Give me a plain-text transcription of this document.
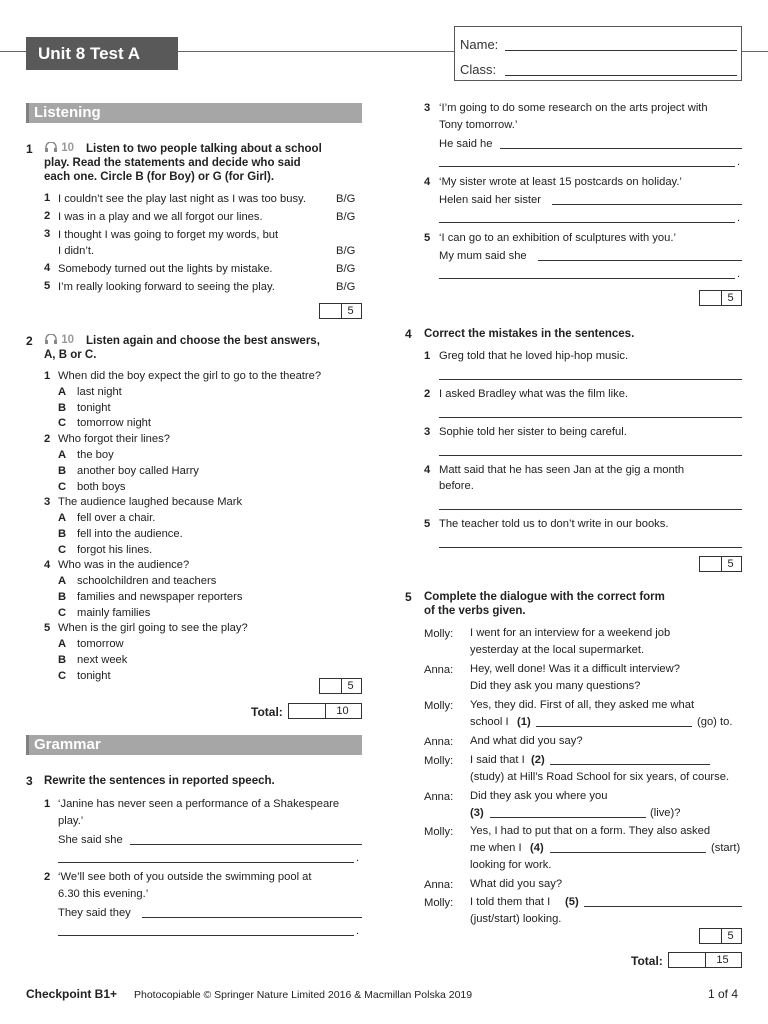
Unit 8 Test A	Name:
Class:
Listening
1	10 Listen to two people talking about a school
play. Read the statements and decide who said
each one. Circle B (for Boy) or G (for Girl).
1 I couldn’t see the play last night as I was too busy.	B/G
2 I was in a play and we all forgot our lines.	B/G
3 I thought I was going to forget my words, but
I didn’t.	B/G
4 Somebody turned out the lights by mistake.	B/G
5 I’m really looking forward to seeing the play.	B/G
5
2	10 Listen again and choose the best answers,
A, B or C.
1 When did the boy expect the girl to go to the theatre?
A last night
B tonight
C tomorrow night
2 Who forgot their lines?
A the boy
B another boy called Harry
C both boys
3 The audience laughed because Mark
A fell over a chair.
B fell into the audience.
C forgot his lines.
4 Who was in the audience?
A schoolchildren and teachers
B families and newspaper reporters
C mainly families
5 When is the girl going to see the play?
A tomorrow
B next week
C tonight
5
Total:	10
Grammar
3 Rewrite the sentences in reported speech.
1 ‘Janine has never seen a performance of a Shakespeare
play.’
She said she
.
2 ‘We’ll see both of you outside the swimming pool at
6.30 this evening.’
They said they
.
3 ‘I’m going to do some research on the arts project with
Tony tomorrow.’
He said he
.
4 ‘My sister wrote at least 15 postcards on holiday.’
Helen said her sister
.
5 ‘I can go to an exhibition of sculptures with you.’
My mum said she
.
5
4 Correct the mistakes in the sentences.
1 Greg told that he loved hip-hop music.
2 I asked Bradley what was the film like.
3 Sophie told her sister to being careful.
4 Matt said that he has seen Jan at the gig a month
before.
5 The teacher told us to don’t write in our books.
5
5 Complete the dialogue with the correct form
of the verbs given.
Molly: I went for an interview for a weekend job
yesterday at the local supermarket.
Anna: Hey, well done! Was it a difficult interview?
Did they ask you many questions?
Molly: Yes, they did. First of all, they asked me what
school I (1)	(go) to.
Anna: And what did you say?
Molly: I said that I (2)
(study) at Hill’s Road School for six years, of course.
Anna: Did they ask you where you
(3)	(live)?
Molly: Yes, I had to put that on a form. They also asked
me when I (4)	(start)
looking for work.
Anna: What did you say?
Molly: I told them that I (5)
(just/start) looking.
5
Total:	15
Checkpoint B1+ Photocopiable © Springer Nature Limited 2016 & Macmillan Polska 2019	1 of 4
